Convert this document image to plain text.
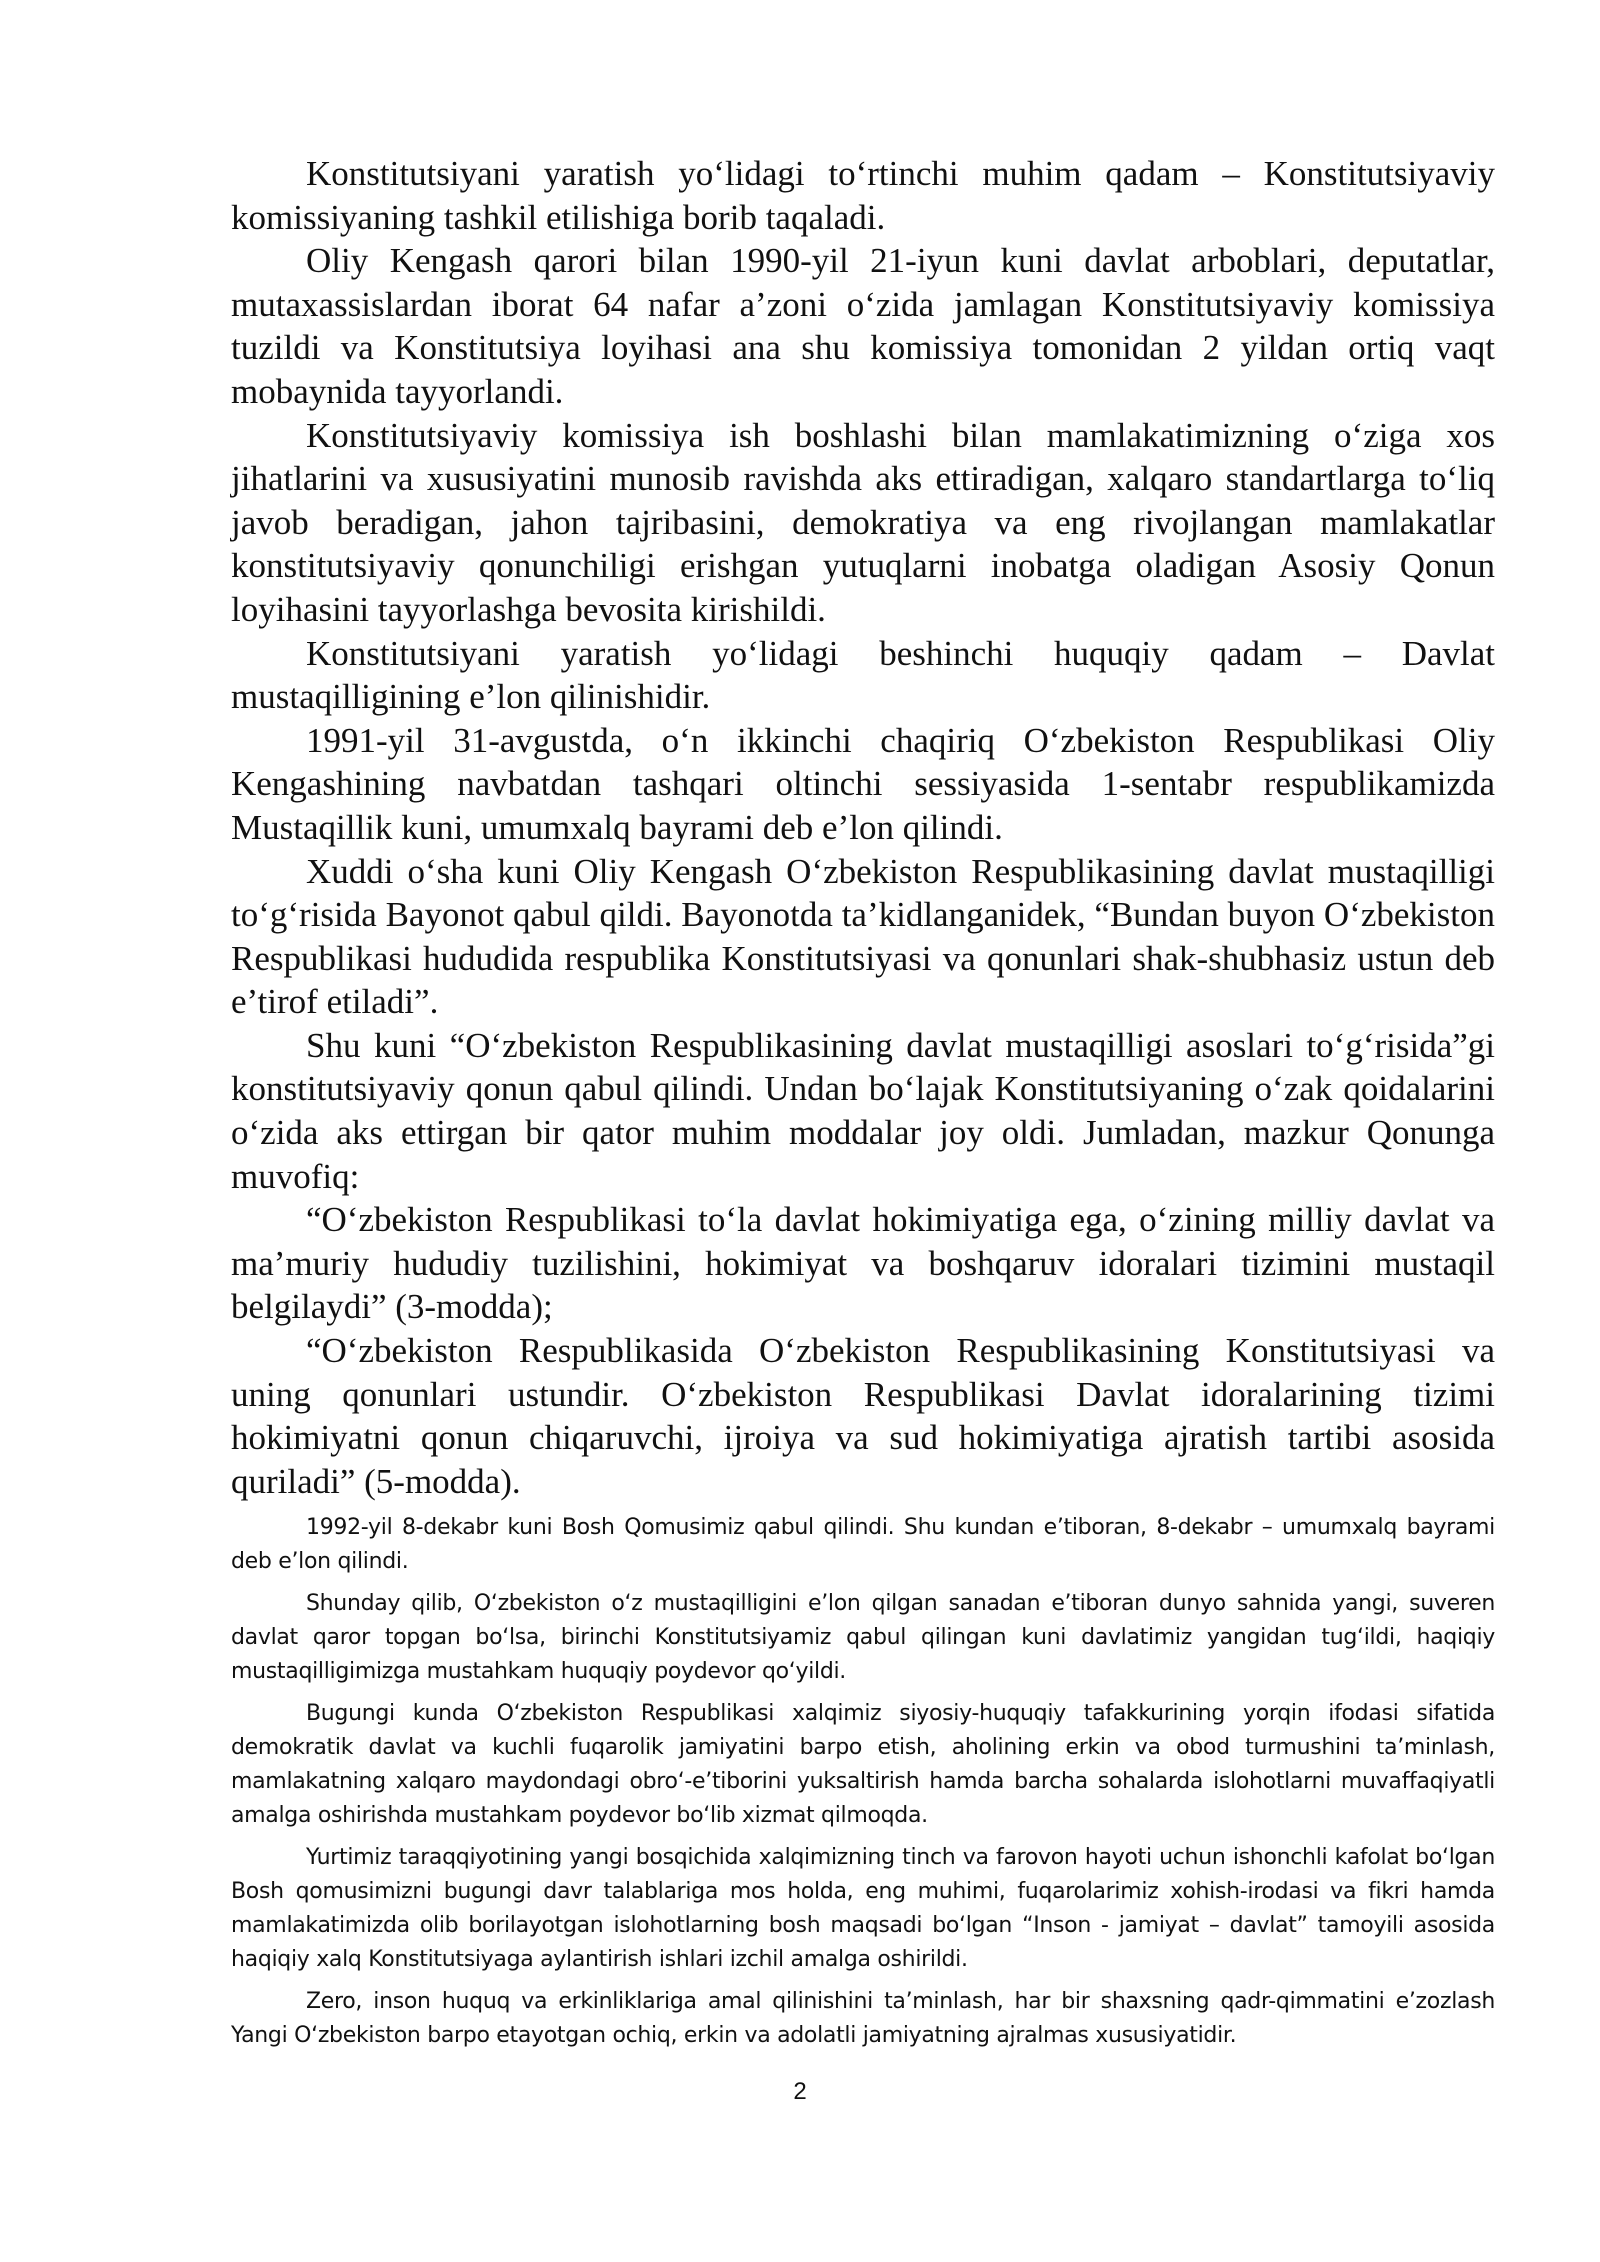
Konstitutsiyani yaratish yo‘lidagi to‘rtinchi muhim qadam – Konstitutsiyaviy komissiyaning tashkil etilishiga borib taqaladi.

Oliy Kengash qarori bilan 1990-yil 21-iyun kuni davlat arboblari, deputatlar, mutaxassislardan iborat 64 nafar a’zoni o‘zida jamlagan Konstitutsiyaviy komissiya tuzildi va Konstitutsiya loyihasi ana shu komissiya tomonidan 2 yildan ortiq vaqt mobaynida tayyorlandi.

Konstitutsiyaviy komissiya ish boshlashi bilan mamlakatimizning o‘ziga xos jihatlarini va xususiyatini munosib ravishda aks ettiradigan, xalqaro standartlarga to‘liq javob beradigan, jahon tajribasini, demokratiya va eng rivojlangan mamlakatlar konstitutsiyaviy qonunchiligi erishgan yutuqlarni inobatga oladigan Asosiy Qonun loyihasini tayyorlashga bevosita kirishildi.

Konstitutsiyani yaratish yo‘lidagi beshinchi huquqiy qadam – Davlat mustaqilligining e’lon qilinishidir.

1991-yil 31-avgustda, o‘n ikkinchi chaqiriq O‘zbekiston Respublikasi Oliy Kengashining navbatdan tashqari oltinchi sessiyasida 1-sentabr respublikamizda Mustaqillik kuni, umumxalq bayrami deb e’lon qilindi.

Xuddi o‘sha kuni Oliy Kengash O‘zbekiston Respublikasining davlat mustaqilligi to‘g‘risida Bayonot qabul qildi. Bayonotda ta’kidlanganidek, “Bundan buyon O‘zbekiston Respublikasi hududida respublika Konstitutsiyasi va qonunlari shak-shubhasiz ustun deb e’tirof etiladi”.

Shu kuni “O‘zbekiston Respublikasining davlat mustaqilligi asoslari to‘g‘risida”gi konstitutsiyaviy qonun qabul qilindi. Undan bo‘lajak Konstitutsiyaning o‘zak qoidalarini o‘zida aks ettirgan bir qator muhim moddalar joy oldi. Jumladan, mazkur Qonunga muvofiq:

“O‘zbekiston Respublikasi to‘la davlat hokimiyatiga ega, o‘zining milliy davlat va ma’muriy hududiy tuzilishini, hokimiyat va boshqaruv idoralari tizimini mustaqil belgilaydi” (3-modda);

“O‘zbekiston Respublikasida O‘zbekiston Respublikasining Konstitutsiyasi va uning qonunlari ustundir. O‘zbekiston Respublikasi Davlat idoralarining tizimi hokimiyatni qonun chiqaruvchi, ijroiya va sud hokimiyatiga ajratish tartibi asosida quriladi” (5-modda).

1992-yil 8-dekabr kuni Bosh Qomusimiz qabul qilindi. Shu kundan e’tiboran, 8-dekabr – umumxalq bayrami deb e’lon qilindi.

Shunday qilib, O‘zbekiston o‘z mustaqilligini e’lon qilgan sanadan e’tiboran dunyo sahnida yangi, suveren davlat qaror topgan bo‘lsa, birinchi Konstitutsiyamiz qabul qilingan kuni davlatimiz yangidan tug‘ildi, haqiqiy mustaqilligimizga mustahkam huquqiy poydevor qo‘yildi.

Bugungi kunda O‘zbekiston Respublikasi xalqimiz siyosiy-huquqiy tafakkurining yorqin ifodasi sifatida demokratik davlat va kuchli fuqarolik jamiyatini barpo etish, aholining erkin va obod turmushini ta’minlash, mamlakatning xalqaro maydondagi obro‘-e’tiborini yuksaltirish hamda barcha sohalarda islohotlarni muvaffaqiyatli amalga oshirishda mustahkam poydevor bo‘lib xizmat qilmoqda.

Yurtimiz taraqqiyotining yangi bosqichida xalqimizning tinch va farovon hayoti uchun ishonchli kafolat bo‘lgan Bosh qomusimizni bugungi davr talablariga mos holda, eng muhimi, fuqarolarimiz xohish-irodasi va fikri hamda mamlakatimizda olib borilayotgan islohotlarning bosh maqsadi bo‘lgan “Inson - jamiyat – davlat” tamoyili asosida haqiqiy xalq Konstitutsiyaga aylantirish ishlari izchil amalga oshirildi.

Zero, inson huquq va erkinliklariga amal qilinishini ta’minlash, har bir shaxsning qadr-qimmatini e’zozlash Yangi O‘zbekiston barpo etayotgan ochiq, erkin va adolatli jamiyatning ajralmas xususiyatidir.

2
